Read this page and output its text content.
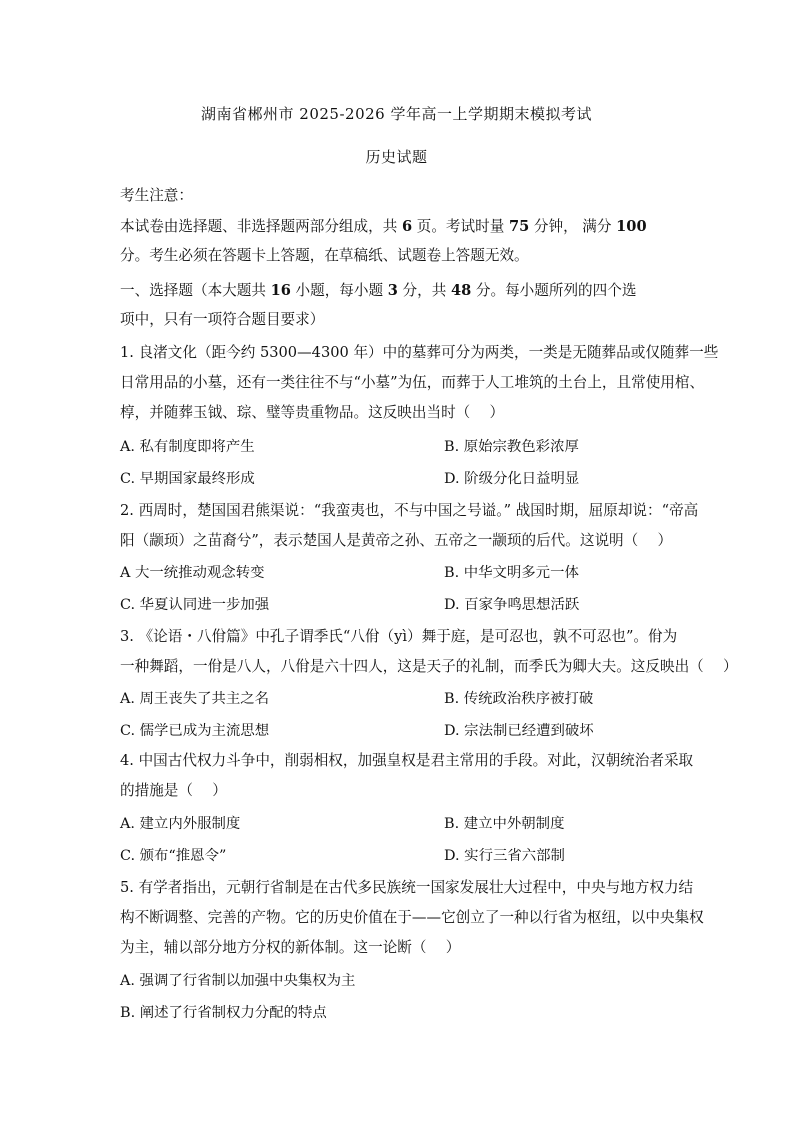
湖南省郴州市 2025-2026 学年高一上学期期末模拟考试
历史试题
考生注意：
本试卷由选择题、非选择题两部分组成，共 6 页。考试时量 75 分钟， 满分 100
分。考生必须在答题卡上答题，在草稿纸、试题卷上答题无效。
一、选择题（本大题共 16 小题，每小题 3 分，共 48 分。每小题所列的四个选
项中，只有一项符合题目要求）
1. 良渚文化（距今约 5300—4300 年）中的墓葬可分为两类，一类是无随葬品或仅随葬一些
日常用品的小墓，还有一类往往不与“小墓”为伍，而葬于人工堆筑的土台上，且常使用棺、
椁，并随葬玉钺、琮、璧等贵重物品。这反映出当时（　 ）
A. 私有制度即将产生	B. 原始宗教色彩浓厚
C. 早期国家最终形成	D. 阶级分化日益明显
2. 西周时，楚国国君熊渠说：“我蛮夷也，不与中国之号谥。” 战国时期，屈原却说：“帝高
阳（颛顼）之苗裔兮”，表示楚国人是黄帝之孙、五帝之一颛顼的后代。这说明（　 ）
A 大一统推动观念转变	B. 中华文明多元一体
C. 华夏认同进一步加强	D. 百家争鸣思想活跃
3. 《论语・八佾篇》中孔子谓季氏“八佾（yì）舞于庭，是可忍也，孰不可忍也”。佾为
一种舞蹈，一佾是八人，八佾是六十四人，这是天子的礼制，而季氏为卿大夫。这反映出（　 ）
A. 周王丧失了共主之名	B. 传统政治秩序被打破
C. 儒学已成为主流思想	D. 宗法制已经遭到破坏
4. 中国古代权力斗争中，削弱相权，加强皇权是君主常用的手段。对此，汉朝统治者采取
的措施是（　 ）
A. 建立内外服制度	B. 建立中外朝制度
C. 颁布“推恩令”	D. 实行三省六部制
5. 有学者指出，元朝行省制是在古代多民族统一国家发展壮大过程中，中央与地方权力结
构不断调整、完善的产物。它的历史价值在于——它创立了一种以行省为枢纽，以中央集权
为主，辅以部分地方分权的新体制。这一论断（　 ）
A. 强调了行省制以加强中央集权为主
B. 阐述了行省制权力分配的特点
